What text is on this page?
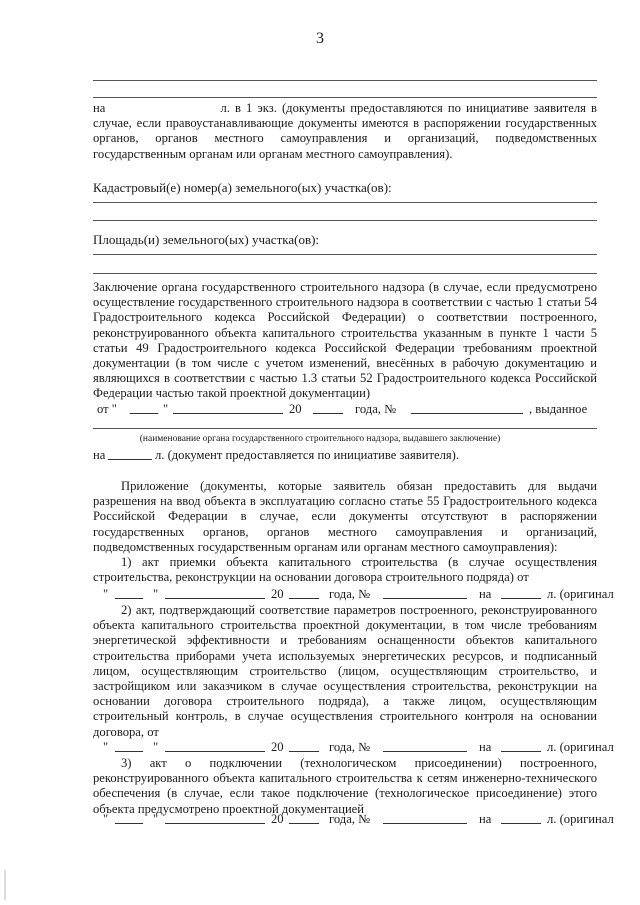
3
на	л. в 1 экз. (документы предоставляются по инициативе заявителя в случае, если правоустанавливающие документы имеются в распоряжении государственных органов, органов местного самоуправления и организаций, подведомственных государственным органам или органам местного самоуправления).
Кадастровый(е) номер(а) земельного(ых) участка(ов):
Площадь(и) земельного(ых) участка(ов):
Заключение органа государственного строительного надзора (в случае, если предусмотрено осуществление государственного строительного надзора в соответствии с частью 1 статьи 54 Градостроительного кодекса Российской Федерации) о соответствии построенного, реконструированного объекта капитального строительства указанным в пункте 1 части 5 статьи 49 Градостроительного кодекса Российской Федерации требованиям проектной документации (в том числе с учетом изменений, внесённых в рабочую документацию и являющихся в соответствии с частью 1.3 статьи 52 Градостроительного кодекса Российской Федерации частью такой проектной документации)
от "	"	20	года, №	, выданное
(наименование органа государственного строительного надзора, выдавшего заключение)
на	л. (документ предоставляется по инициативе заявителя).
Приложение (документы, которые заявитель обязан предоставить для выдачи разрешения на ввод объекта в эксплуатацию согласно статье 55 Градостроительного кодекса Российской Федерации в случае, если документы отсутствуют в распоряжении государственных органов, органов местного самоуправления и организаций, подведомственных государственным органам или органам местного самоуправления):
1) акт приемки объекта капитального строительства (в случае осуществления строительства, реконструкции на основании договора строительного подряда) от
"	"	20	года, №	на	л. (оригинал
2) акт, подтверждающий соответствие параметров построенного, реконструированного объекта капитального строительства проектной документации, в том числе требованиям энергетической эффективности и требованиям оснащенности объектов капитального строительства приборами учета используемых энергетических ресурсов, и подписанный лицом, осуществляющим строительство (лицом, осуществляющим строительство, и застройщиком или заказчиком в случае осуществления строительства, реконструкции на основании договора строительного подряда), а также лицом, осуществляющим строительный контроль, в случае осуществления строительного контроля на основании договора, от
"	"	20	года, №	на	л. (оригинал
3) акт о подключении (технологическом присоединении) построенного, реконструированного объекта капитального строительства к сетям инженерно-технического обеспечения (в случае, если такое подключение (технологическое присоединение) этого объекта предусмотрено проектной документацией
"	"	20	года, №	на	л. (оригинал
